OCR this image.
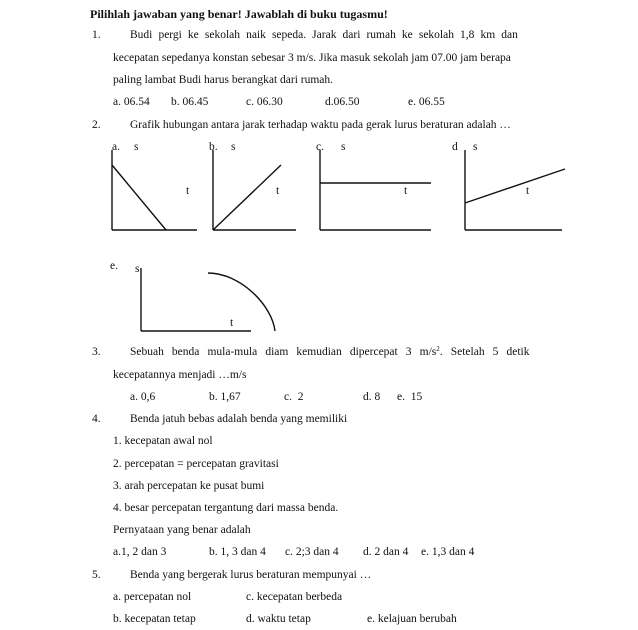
Pilihlah jawaban yang benar! Jawablah di buku tugasmu!
1.	Budi pergi ke sekolah naik sepeda. Jarak dari rumah ke sekolah 1,8 km dan
kecepatan sepedanya konstan sebesar 3 m/s. Jika masuk sekolah jam 07.00 jam berapa
paling lambat Budi harus berangkat dari rumah.
a. 06.54 b. 06.45	c. 06.30	d.06.50	e. 06.55
2.	Grafik hubungan antara jarak terhadap waktu pada gerak lurus beraturan adalah …
a.	b.	c.	d
e.
s
t
s
t
s
t
s
t
s
t
3.	Sebuah benda mula-mula diam kemudian dipercepat 3 $m/s^2$. Setelah 5 detik
kecepatannya menjadi …m/s
a. 0,6	b. 1,67	c.  2	d. 8 e.  15
4.	Benda jatuh bebas adalah benda yang memiliki
1. kecepatan awal nol
2. percepatan = percepatan gravitasi
3. arah percepatan ke pusat bumi
4. besar percepatan tergantung dari massa benda.
Pernyataan yang benar adalah
a.1, 2 dan 3	b. 1, 3 dan 4 c. 2;3 dan 4 d. 2 dan 4 e. 1,3 dan 4
5.	Benda yang bergerak lurus beraturan mempunyai …
a. percepatan nol	c. kecepatan berbeda
b. kecepatan tetap	d. waktu tetap	e. kelajuan berubah
